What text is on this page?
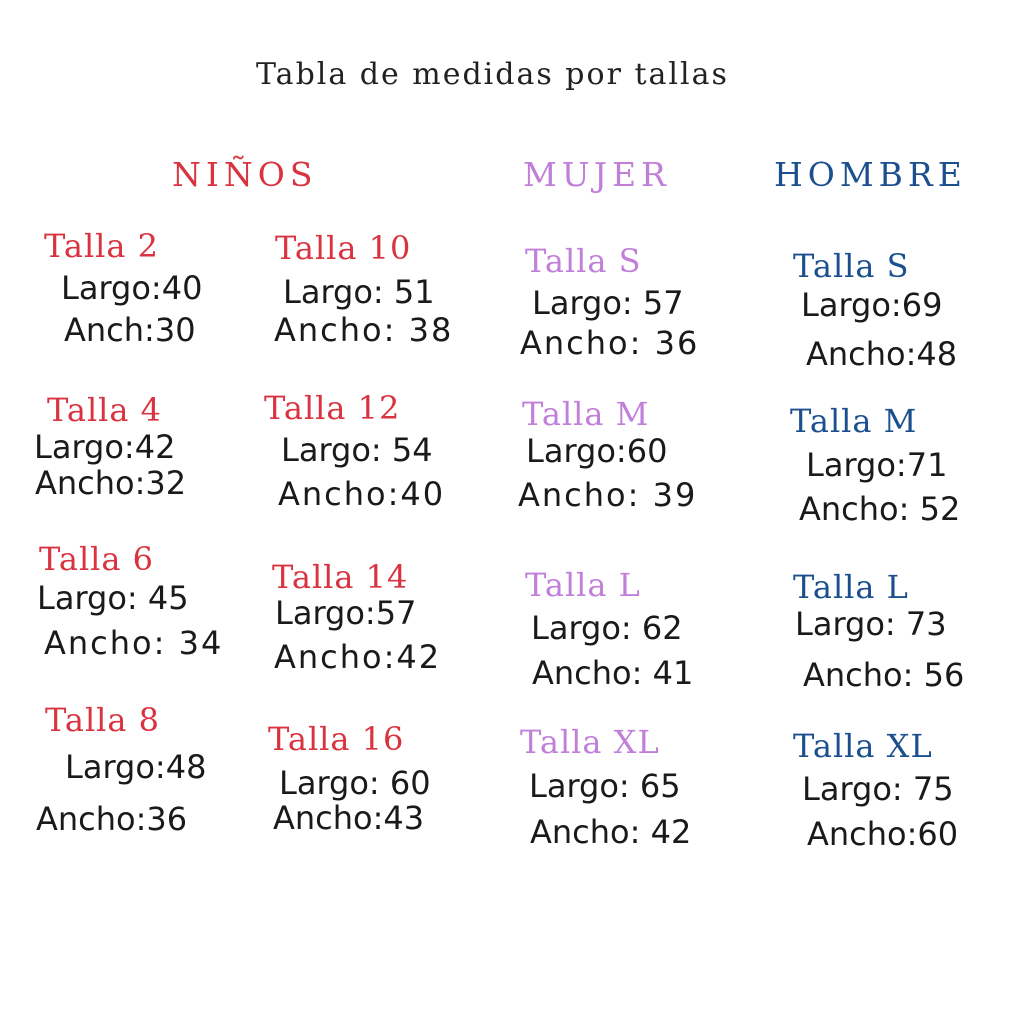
Tabla de medidas por tallas
NIÑOS	MUJER	HOMBRE
Talla 2
Largo:40
Anch:30
Talla 4
Largo:42
Ancho:32
Talla 6
Largo: 45
Ancho: 34
Talla 8
Largo:48
Ancho:36
Talla 10
Largo: 51
Ancho: 38
Talla 12
Largo: 54
Ancho:40
Talla 14
Largo:57
Ancho:42
Talla 16
Largo: 60
Ancho:43
Talla S
Largo: 57
Ancho: 36
Talla M
Largo:60
Ancho: 39
Talla L
Largo: 62
Ancho: 41
Talla XL
Largo: 65
Ancho: 42
Talla S
Largo:69
Ancho:48
Talla M
Largo:71
Ancho: 52
Talla L
Largo: 73
Ancho: 56
Talla XL
Largo: 75
Ancho:60
